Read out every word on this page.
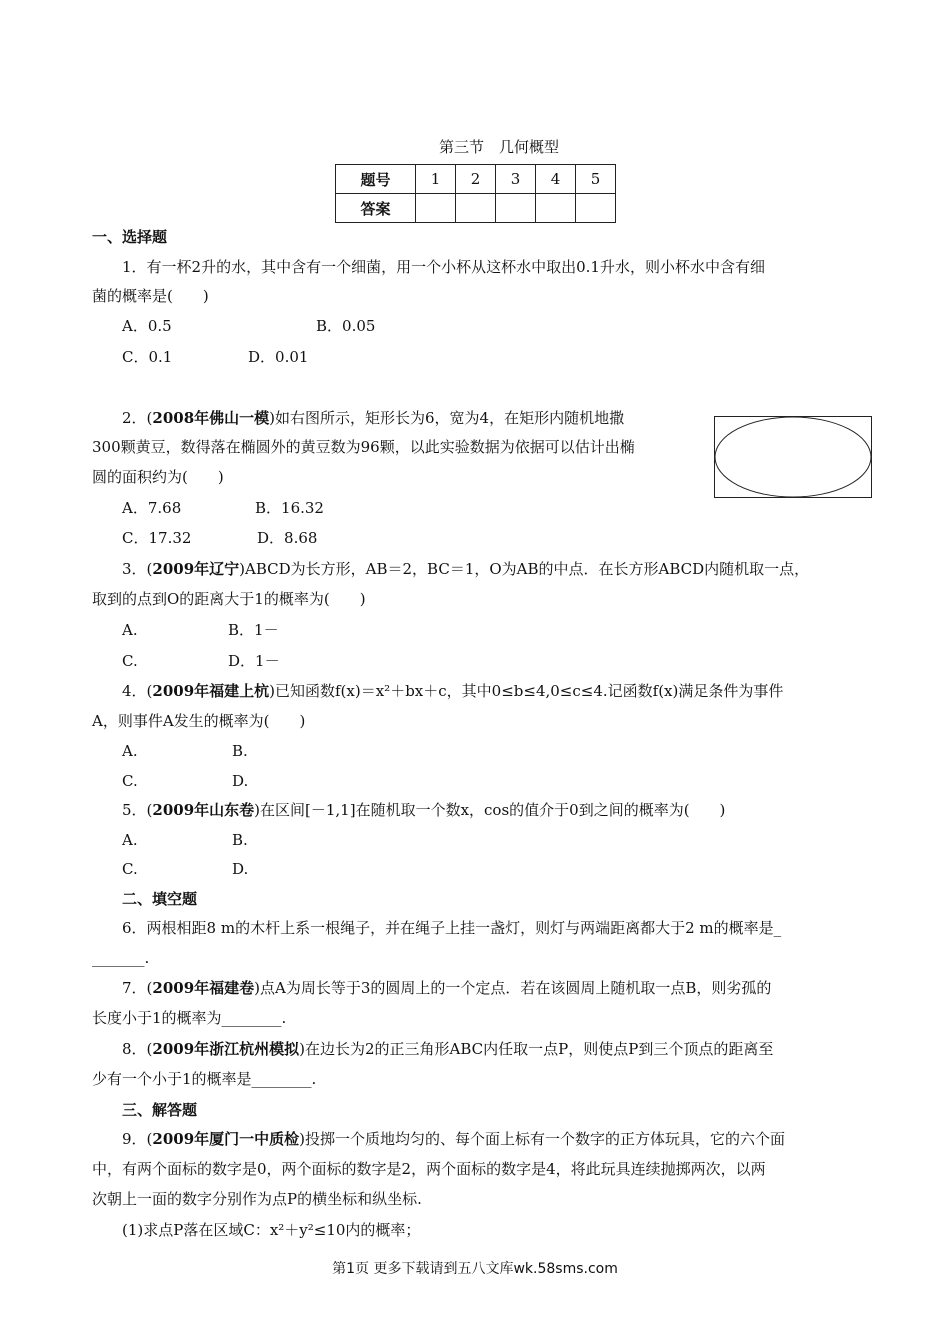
第三节　几何概型
题号	1	2	3	4	5
答案					
一、选择题
1．有一杯2升的水，其中含有一个细菌，用一个小杯从这杯水中取出0.1升水，则小杯水中含有细
菌的概率是(　　)
A．0.5	B．0.05
C．0.1	D．0.01
2．(2008年佛山一模)如右图所示，矩形长为6，宽为4，在矩形内随机地撒
300颗黄豆，数得落在椭圆外的黄豆数为96颗，以此实验数据为依据可以估计出椭
圆的面积约为(　　)
A．7.68	B．16.32
C．17.32	D．8.68
3．(2009年辽宁)ABCD为长方形，AB＝2，BC＝1，O为AB的中点．在长方形ABCD内随机取一点，
取到的点到O的距离大于1的概率为(　　)
A.	B．1－
C.	D．1－
4．(2009年福建上杭)已知函数f(x)＝x²＋bx＋c，其中0≤b≤4,0≤c≤4.记函数f(x)满足条件为事件
A，则事件A发生的概率为(　　)
A.	B.
C.	D.
5．(2009年山东卷)在区间[－1,1]在随机取一个数x，cos的值介于0到之间的概率为(　　)
A.	B.
C.	D.
二、填空题
6．两根相距8 m的木杆上系一根绳子，并在绳子上挂一盏灯，则灯与两端距离都大于2 m的概率是_
_______.
7．(2009年福建卷)点A为周长等于3的圆周上的一个定点．若在该圆周上随机取一点B，则劣孤的
长度小于1的概率为________.
8．(2009年浙江杭州模拟)在边长为2的正三角形ABC内任取一点P，则使点P到三个顶点的距离至
少有一个小于1的概率是________.
三、解答题
9．(2009年厦门一中质检)投掷一个质地均匀的、每个面上标有一个数字的正方体玩具，它的六个面
中，有两个面标的数字是0，两个面标的数字是2，两个面标的数字是4，将此玩具连续抛掷两次，以两
次朝上一面的数字分别作为点P的横坐标和纵坐标.
(1)求点P落在区域C：x²＋y²≤10内的概率；
第1页 更多下载请到五八文库wk.58sms.com
